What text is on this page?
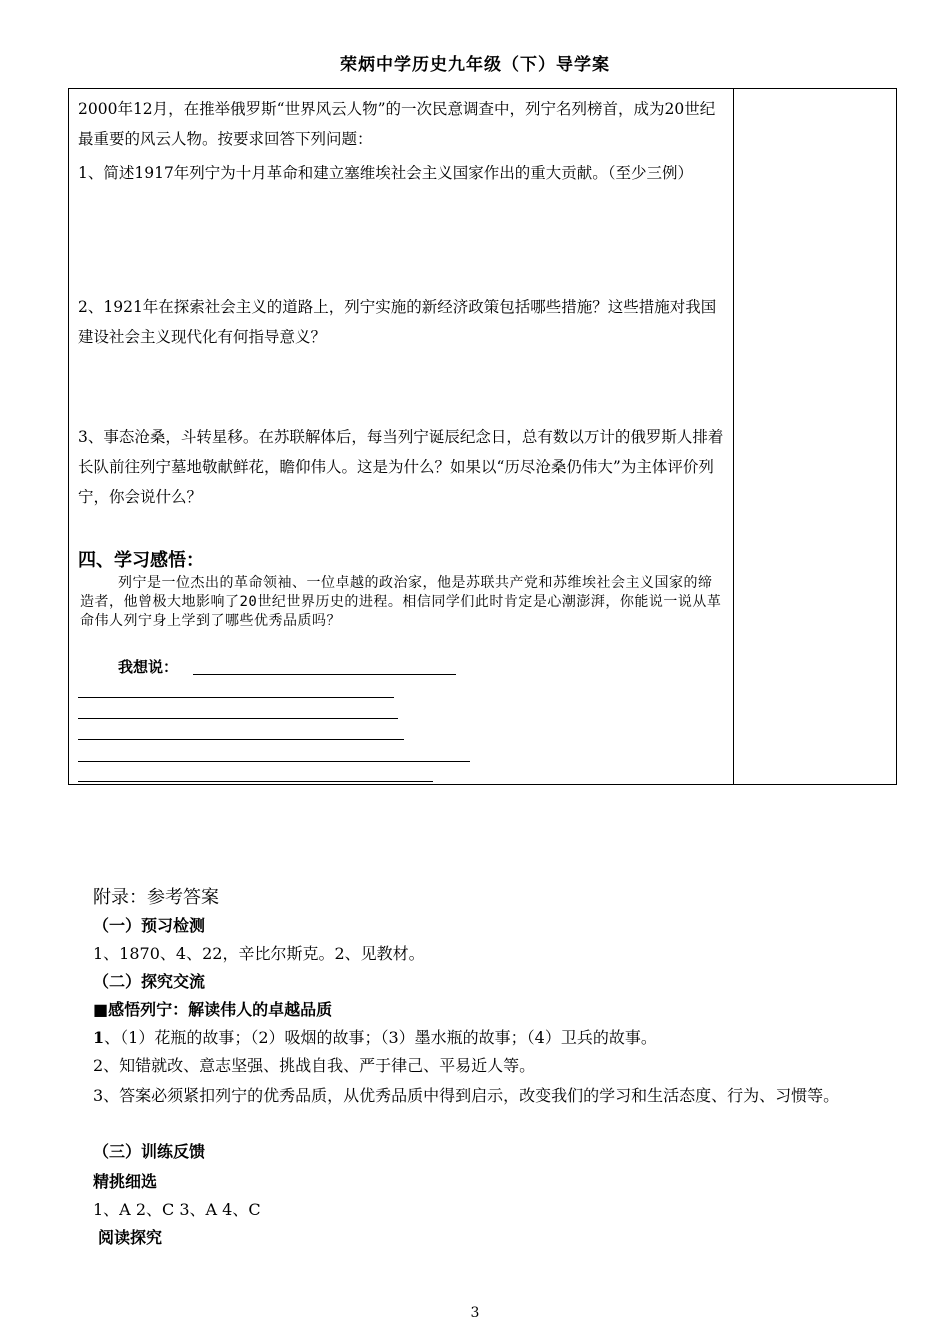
荣炳中学历史九年级（下）导学案
2000年12月，在推举俄罗斯“世界风云人物”的一次民意调查中，列宁名列榜首，成为20世纪最重要的风云人物。按要求回答下列问题：
1、简述1917年列宁为十月革命和建立塞维埃社会主义国家作出的重大贡献。（至少三例）
2、1921年在探索社会主义的道路上，列宁实施的新经济政策包括哪些措施？这些措施对我国建设社会主义现代化有何指导意义？
3、事态沧桑，斗转星移。在苏联解体后，每当列宁诞辰纪念日，总有数以万计的俄罗斯人排着长队前往列宁墓地敬献鲜花，瞻仰伟人。这是为什么？如果以“历尽沧桑仍伟大”为主体评价列宁，你会说什么？
四、学习感悟：
列宁是一位杰出的革命领袖、一位卓越的政治家，他是苏联共产党和苏维埃社会主义国家的缔造者，他曾极大地影响了20世纪世界历史的进程。相信同学们此时肯定是心潮澎湃，你能说一说从革命伟人列宁身上学到了哪些优秀品质吗？
我想说：
附录：参考答案
（一）预习检测
1、1870、4、22，辛比尔斯克。2、见教材。
（二）探究交流
■感悟列宁：解读伟人的卓越品质
1、（1）花瓶的故事；（2）吸烟的故事；（3）墨水瓶的故事；（4）卫兵的故事。
2、知错就改、意志坚强、挑战自我、严于律己、平易近人等。
3、答案必须紧扣列宁的优秀品质，从优秀品质中得到启示，改变我们的学习和生活态度、行为、习惯等。
（三）训练反馈
精挑细选
1、A 2、C 3、A 4、C
阅读探究
3
